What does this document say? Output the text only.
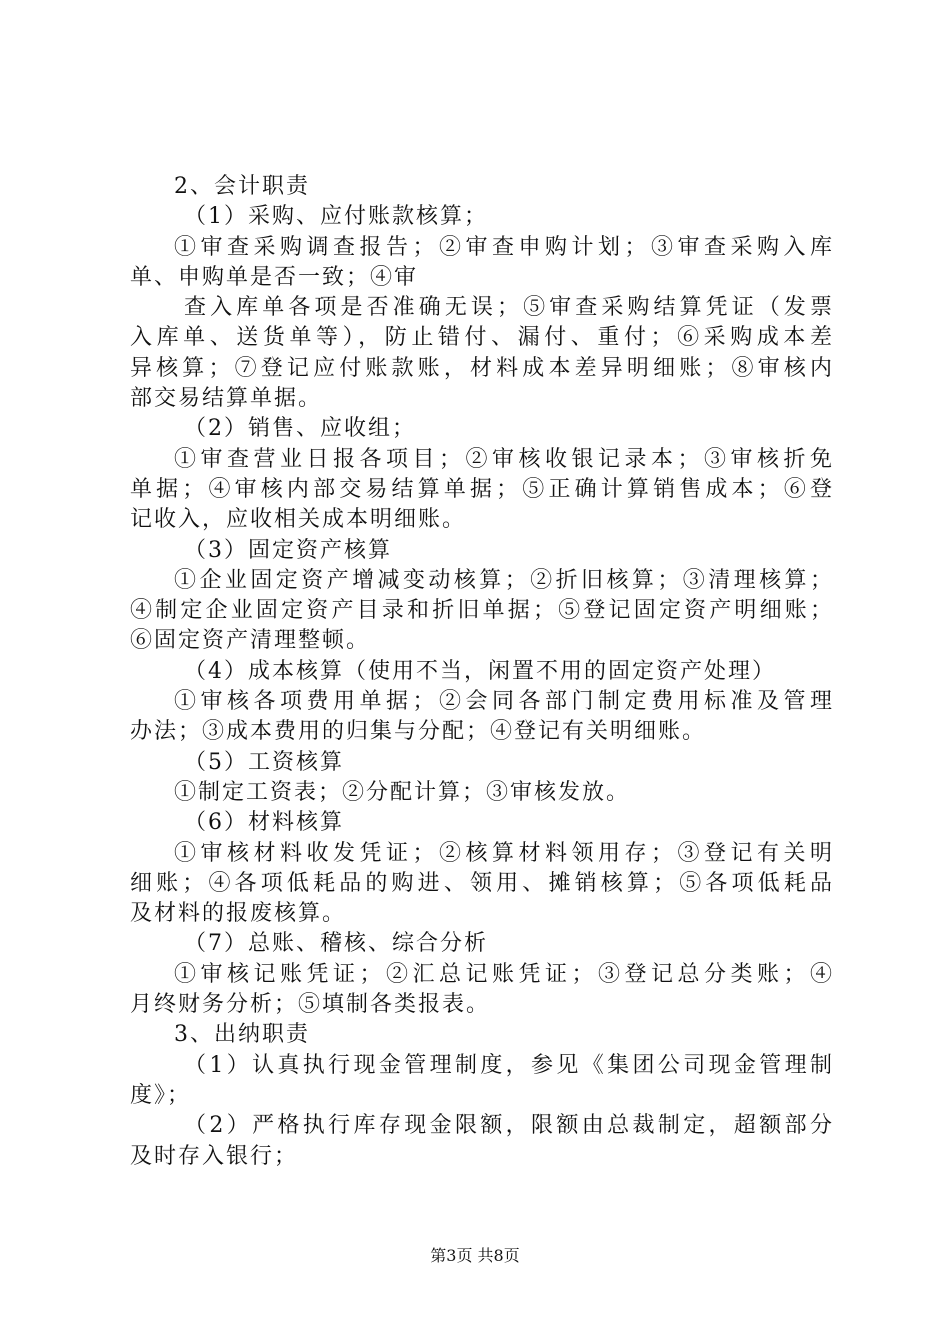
2、会计职责
（1）采购、应付账款核算；
①审查采购调查报告；②审查申购计划；③审查采购入库
单、申购单是否一致；④审
查入库单各项是否准确无误；⑤审查采购结算凭证（发票
入库单、送货单等），防止错付、漏付、重付；⑥采购成本差
异核算；⑦登记应付账款账，材料成本差异明细账；⑧审核内
部交易结算单据。
（2）销售、应收组；
①审查营业日报各项目；②审核收银记录本；③审核折免
单据；④审核内部交易结算单据；⑤正确计算销售成本；⑥登
记收入，应收相关成本明细账。
（3）固定资产核算
①企业固定资产增减变动核算；②折旧核算；③清理核算；
④制定企业固定资产目录和折旧单据；⑤登记固定资产明细账；
⑥固定资产清理整顿。
（4）成本核算（使用不当，闲置不用的固定资产处理）
①审核各项费用单据；②会同各部门制定费用标准及管理
办法；③成本费用的归集与分配；④登记有关明细账。
（5）工资核算
①制定工资表；②分配计算；③审核发放。
（6）材料核算
①审核材料收发凭证；②核算材料领用存；③登记有关明
细账；④各项低耗品的购进、领用、摊销核算；⑤各项低耗品
及材料的报废核算。
（7）总账、稽核、综合分析
①审核记账凭证；②汇总记账凭证；③登记总分类账；④
月终财务分析；⑤填制各类报表。
3、出纳职责
（1）认真执行现金管理制度，参见《集团公司现金管理制
度》；
（2）严格执行库存现金限额，限额由总裁制定，超额部分
及时存入银行；
第3页 共8页
